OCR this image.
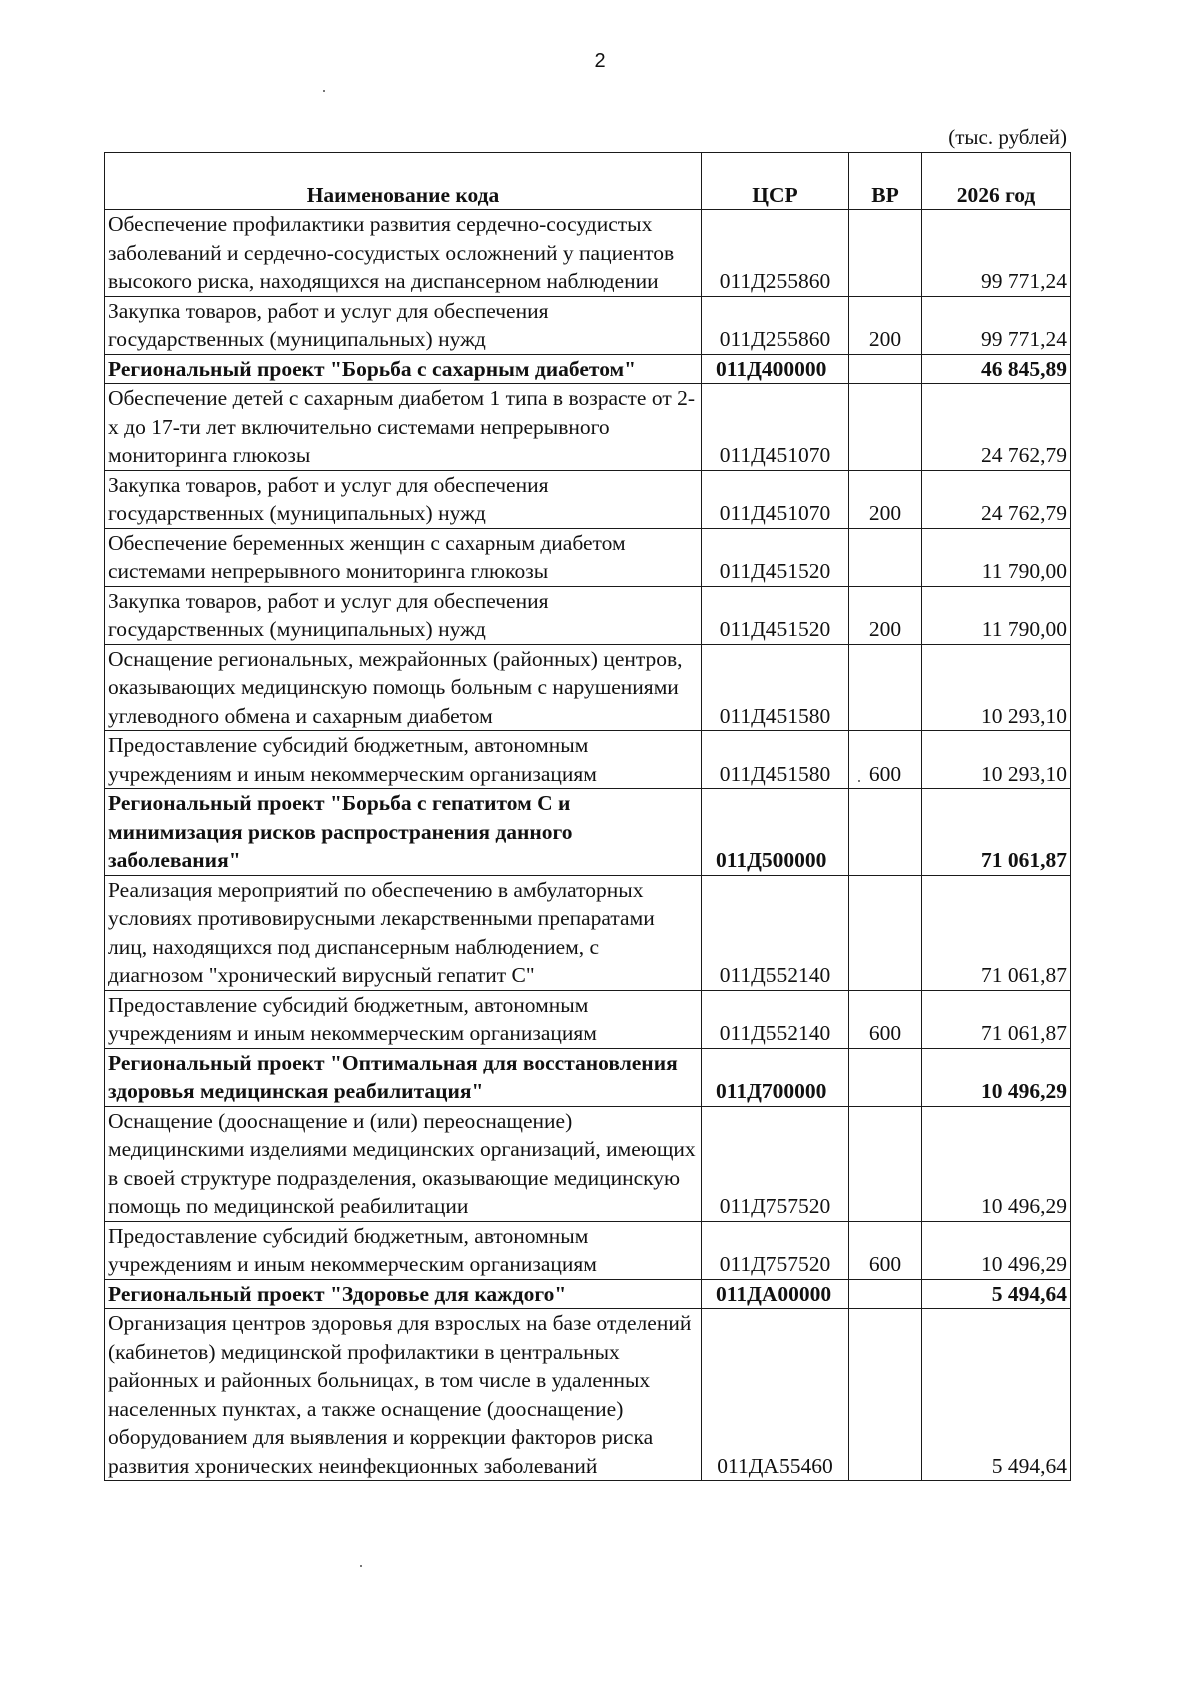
2
(тыс. рублей)
Наименование кода	ЦСР	ВР	2026 год
Обеспечение профилактики развития сердечно-сосудистых заболеваний и сердечно-сосудистых осложнений у пациентов высокого риска, находящихся на диспансерном наблюдении	011Д255860		99 771,24
Закупка товаров, работ и услуг для обеспечения государственных (муниципальных) нужд	011Д255860	200	99 771,24
Региональный проект "Борьба с сахарным диабетом"	011Д400000		46 845,89
Обеспечение детей с сахарным диабетом 1 типа в возрасте от 2-х до 17-ти лет включительно системами непрерывного мониторинга глюкозы	011Д451070		24 762,79
Закупка товаров, работ и услуг для обеспечения государственных (муниципальных) нужд	011Д451070	200	24 762,79
Обеспечение беременных женщин с сахарным диабетом системами непрерывного мониторинга глюкозы	011Д451520		11 790,00
Закупка товаров, работ и услуг для обеспечения государственных (муниципальных) нужд	011Д451520	200	11 790,00
Оснащение региональных, межрайонных (районных) центров, оказывающих медицинскую помощь больным с нарушениями углеводного обмена и сахарным диабетом	011Д451580		10 293,10
Предоставление субсидий бюджетным, автономным учреждениям и иным некоммерческим организациям	011Д451580	600	10 293,10
Региональный проект "Борьба с гепатитом С и минимизация рисков распространения данного заболевания"	011Д500000		71 061,87
Реализация мероприятий по обеспечению в амбулаторных условиях противовирусными лекарственными препаратами лиц, находящихся под диспансерным наблюдением, с диагнозом "хронический вирусный гепатит С"	011Д552140		71 061,87
Предоставление субсидий бюджетным, автономным учреждениям и иным некоммерческим организациям	011Д552140	600	71 061,87
Региональный проект "Оптимальная для восстановления здоровья медицинская реабилитация"	011Д700000		10 496,29
Оснащение (дооснащение и (или) переоснащение) медицинскими изделиями медицинских организаций, имеющих в своей структуре подразделения, оказывающие медицинскую помощь по медицинской реабилитации	011Д757520		10 496,29
Предоставление субсидий бюджетным, автономным учреждениям и иным некоммерческим организациям	011Д757520	600	10 496,29
Региональный проект "Здоровье для каждого"	011ДА00000		5 494,64
Организация центров здоровья для взрослых на базе отделений (кабинетов) медицинской профилактики в центральных районных и районных больницах, в том числе в удаленных населенных пунктах, а также оснащение (дооснащение) оборудованием для выявления и коррекции факторов риска развития хронических неинфекционных заболеваний	011ДА55460		5 494,64
